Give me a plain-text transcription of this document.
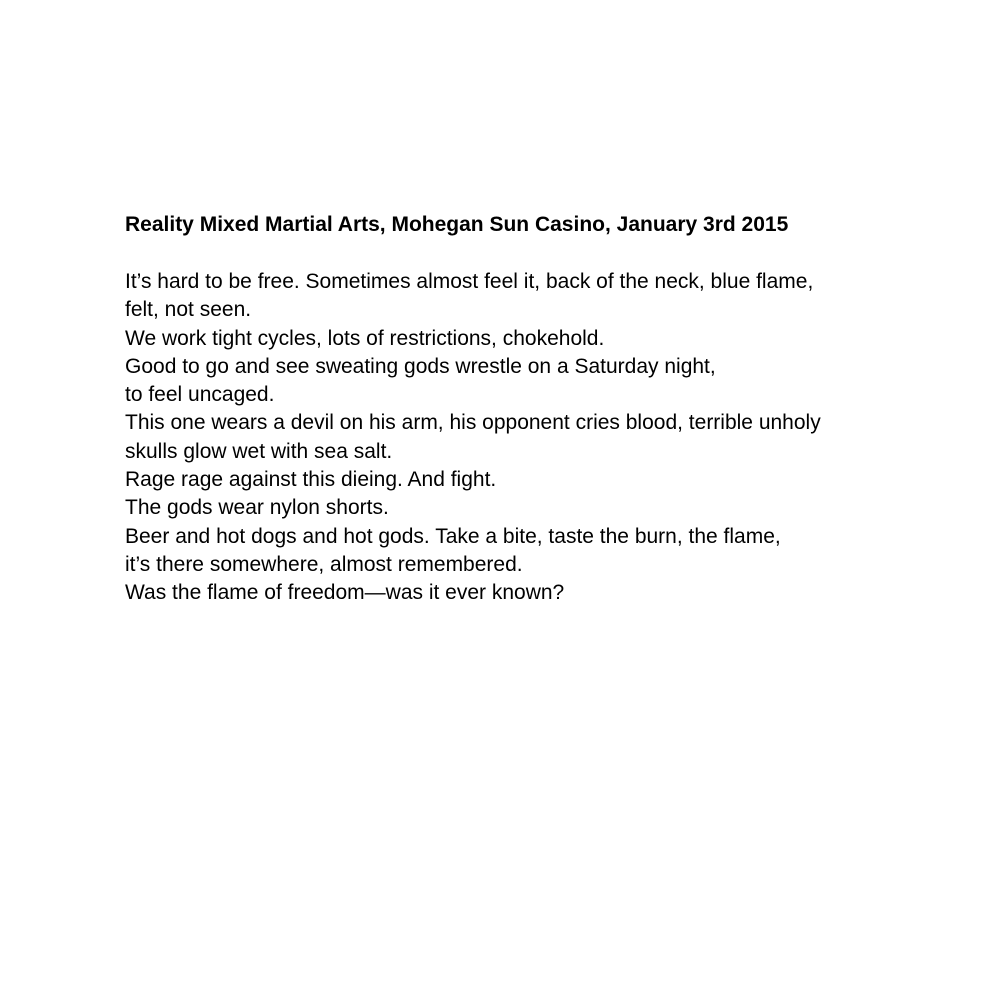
Reality Mixed Martial Arts, Mohegan Sun Casino, January 3rd 2015
It’s hard to be free. Sometimes almost feel it, back of the neck, blue flame,
felt, not seen.
We work tight cycles, lots of restrictions, chokehold.
Good to go and see sweating gods wrestle on a Saturday night,
to feel uncaged.
This one wears a devil on his arm, his opponent cries blood, terrible unholy
skulls glow wet with sea salt.
Rage rage against this dieing. And fight.
The gods wear nylon shorts.
Beer and hot dogs and hot gods. Take a bite, taste the burn, the flame,
it’s there somewhere, almost remembered.
Was the flame of freedom—was it ever known?
